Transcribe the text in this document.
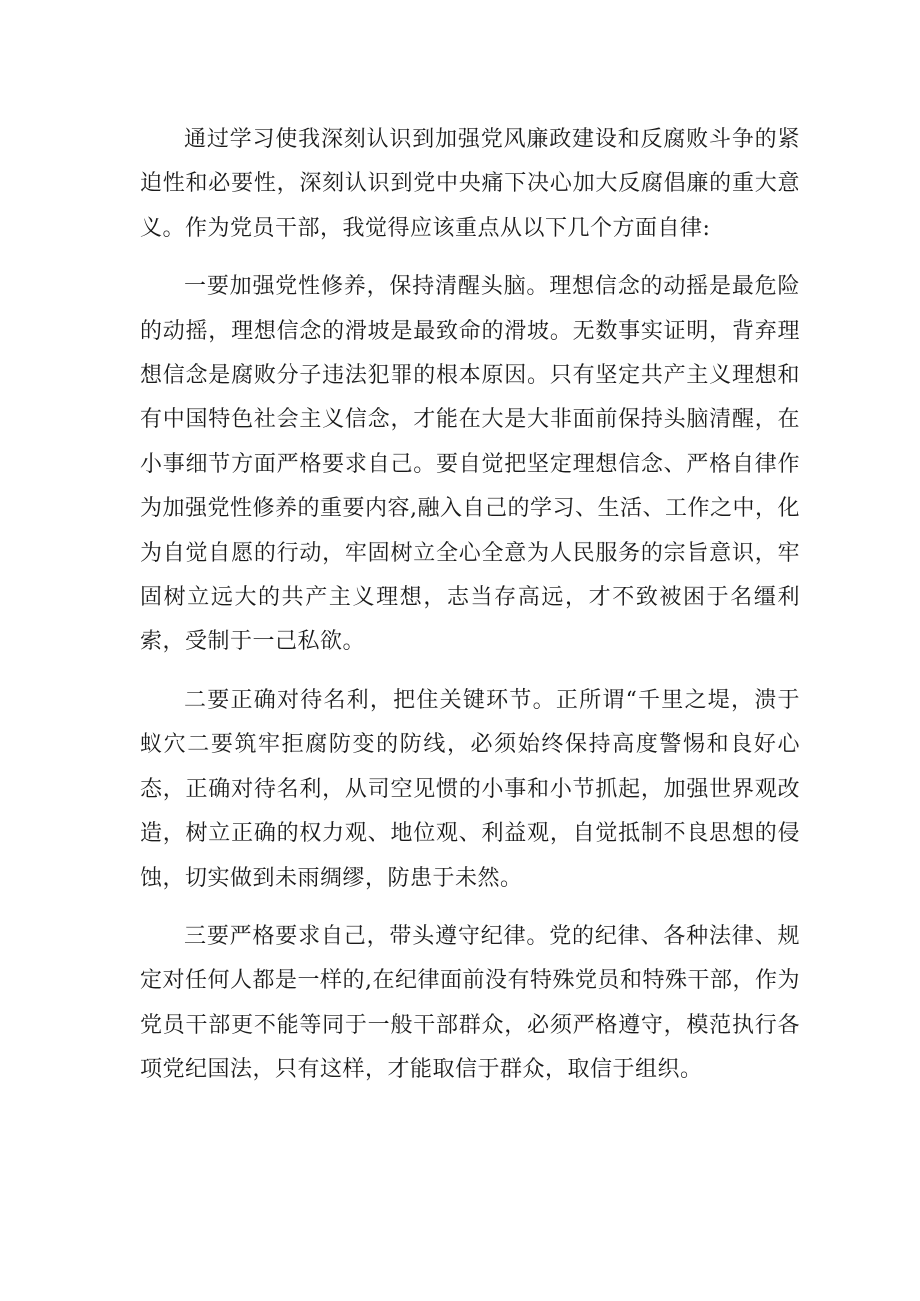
通过学习使我深刻认识到加强党风廉政建设和反腐败斗争的紧迫性和必要性，深刻认识到党中央痛下决心加大反腐倡廉的重大意义。作为党员干部，我觉得应该重点从以下几个方面自律:

一要加强党性修养，保持清醒头脑。理想信念的动摇是最危险的动摇，理想信念的滑坡是最致命的滑坡。无数事实证明，背弃理想信念是腐败分子违法犯罪的根本原因。只有坚定共产主义理想和有中国特色社会主义信念，才能在大是大非面前保持头脑清醒，在小事细节方面严格要求自己。要自觉把坚定理想信念、严格自律作为加强党性修养的重要内容,融入自己的学习、生活、工作之中，化为自觉自愿的行动，牢固树立全心全意为人民服务的宗旨意识，牢固树立远大的共产主义理想，志当存高远，才不致被困于名缰利索，受制于一己私欲。

二要正确对待名利，把住关键环节。正所谓“千里之堤，溃于蚁穴二要筑牢拒腐防变的防线，必须始终保持高度警惕和良好心态，正确对待名利，从司空见惯的小事和小节抓起，加强世界观改造，树立正确的权力观、地位观、利益观，自觉抵制不良思想的侵蚀，切实做到未雨绸缪，防患于未然。

三要严格要求自己，带头遵守纪律。党的纪律、各种法律、规定对任何人都是一样的,在纪律面前没有特殊党员和特殊干部，作为党员干部更不能等同于一般干部群众，必须严格遵守，模范执行各项党纪国法，只有这样，才能取信于群众，取信于组织。
